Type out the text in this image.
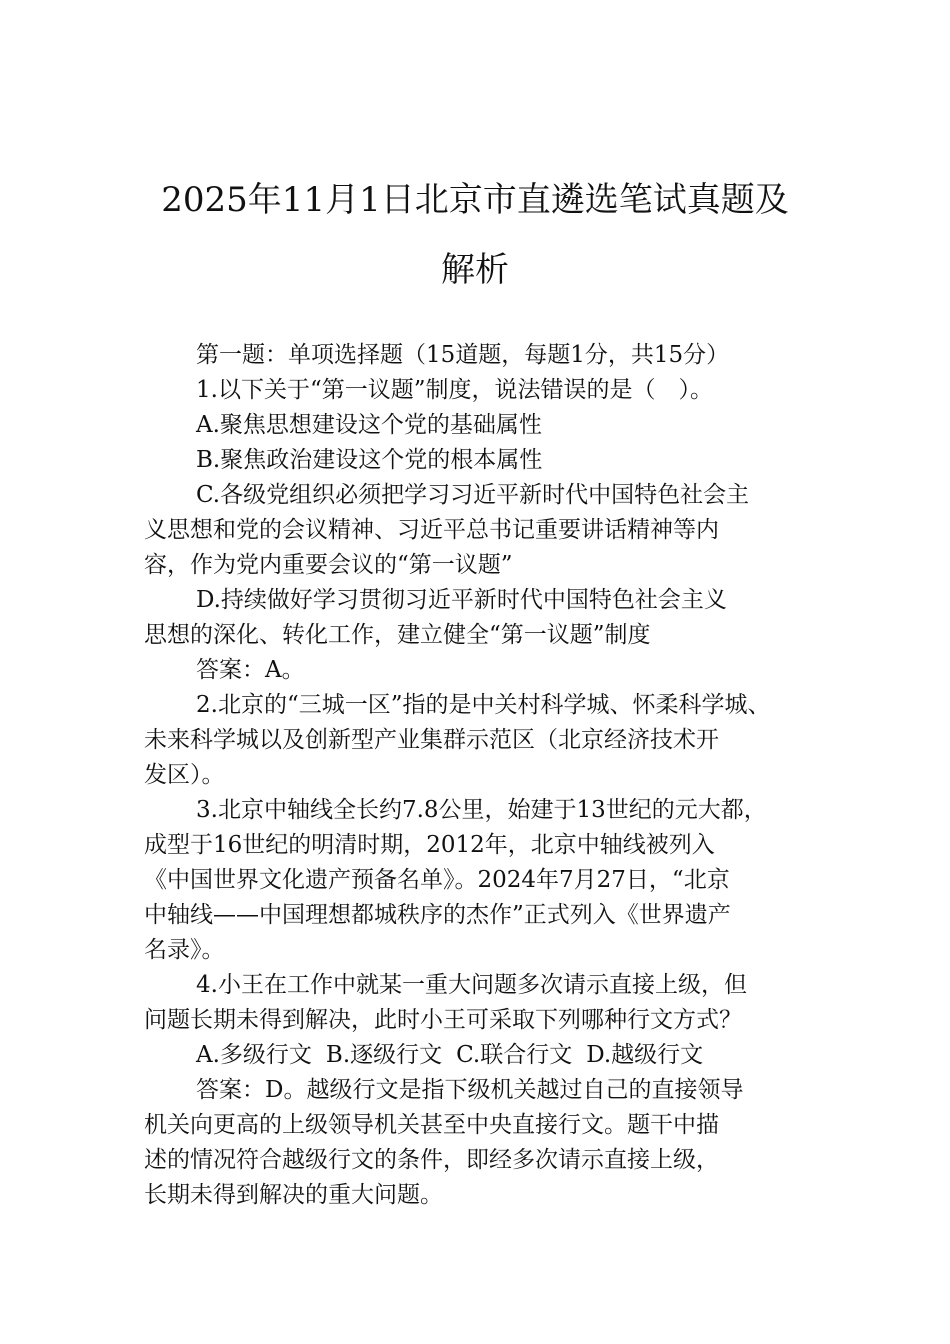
2025年11月1日北京市直遴选笔试真题及
解析

第一题：单项选择题（15道题，每题1分，共15分）

1.以下关于“第一议题”制度，说法错误的是（　）。

A.聚焦思想建设这个党的基础属性

B.聚焦政治建设这个党的根本属性

C.各级党组织必须把学习习近平新时代中国特色社会主
义思想和党的会议精神、习近平总书记重要讲话精神等内
容，作为党内重要会议的“第一议题”
D.持续做好学习贯彻习近平新时代中国特色社会主义
思想的深化、转化工作，建立健全“第一议题”制度

答案：A。

2.北京的“三城一区”指的是中关村科学城、怀柔科学城、
未来科学城以及创新型产业集群示范区（北京经济技术开
发区）。
3.北京中轴线全长约7.8公里，始建于13世纪的元大都，
成型于16世纪的明清时期，2012年，北京中轴线被列入
《中国世界文化遗产预备名单》。2024年7月27日，“北京
中轴线——中国理想都城秩序的杰作”正式列入《世界遗产
名录》。
4.小王在工作中就某一重大问题多次请示直接上级，但
问题长期未得到解决，此时小王可采取下列哪种行文方式？

A.多级行文 B.逐级行文 C.联合行文 D.越级行文

答案：D。越级行文是指下级机关越过自己的直接领导
机关向更高的上级领导机关甚至中央直接行文。题干中描
述的情况符合越级行文的条件，即经多次请示直接上级，
长期未得到解决的重大问题。
